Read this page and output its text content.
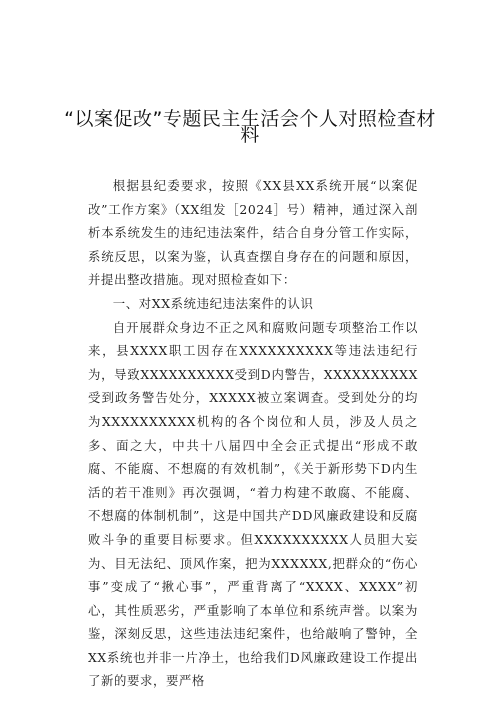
“以案促改”专题民主生活会个人对照检查材
料

根据县纪委要求，按照《XX县XX系统开展“以案促改”工作方案》（XX组发［2024］号）精神，通过深入剖析本系统发生的违纪违法案件，结合自身分管工作实际，系统反思，以案为鉴，认真查摆自身存在的问题和原因，并提出整改措施。现对照检查如下：

一、对XX系统违纪违法案件的认识

自开展群众身边不正之风和腐败问题专项整治工作以来，县XXXX职工因存在XXXXXXXXXX等违法违纪行为，导致XXXXXXXXXX受到D内警告，XXXXXXXXXX受到政务警告处分，XXXXX被立案调查。受到处分的均为XXXXXXXXXX机构的各个岗位和人员，涉及人员之多、面之大，中共十八届四中全会正式提出“形成不敢腐、不能腐、不想腐的有效机制”，《关于新形势下D内生活的若干准则》再次强调，“着力构建不敢腐、不能腐、不想腐的体制机制”，这是中国共产DD风廉政建设和反腐败斗争的重要目标要求。但XXXXXXXXXX人员胆大妄为、目无法纪、顶风作案，把为XXXXXX,把群众的“伤心事”变成了“揪心事”，严重背离了“XXXX、XXXX”初心，其性质恶劣，严重影响了本单位和系统声誉。以案为鉴，深刻反思，这些违法违纪案件，也给敲响了警钟，全XX系统也并非一片净土，也给我们D风廉政建设工作提出了新的要求，要严格
